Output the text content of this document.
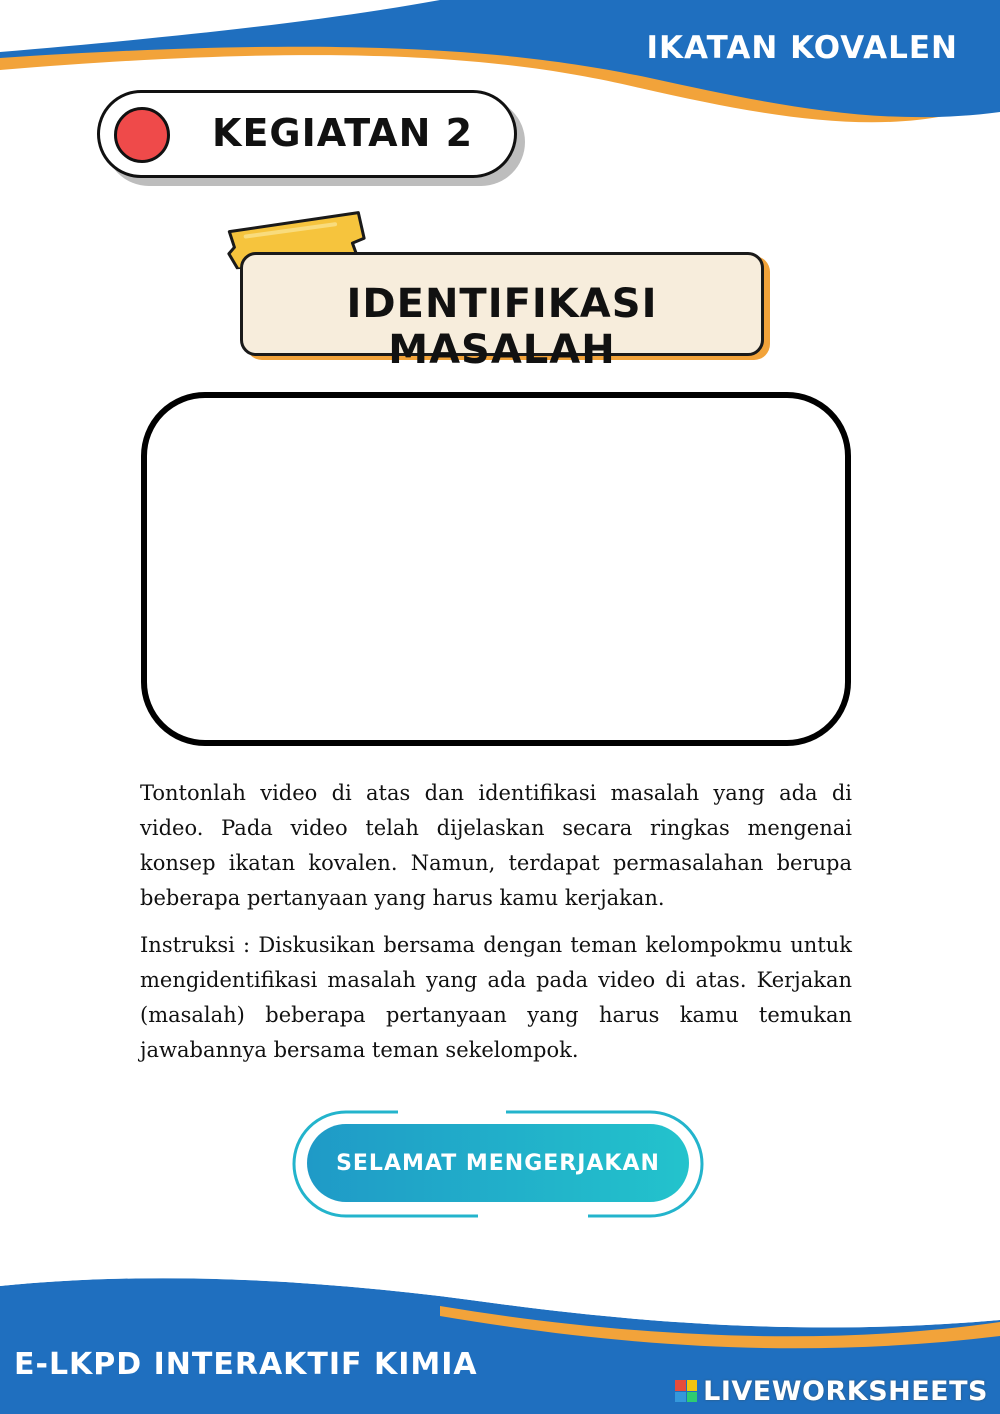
IKATAN KOVALEN
KEGIATAN 2
IDENTIFIKASI MASALAH

Tontonlah video di atas dan identifikasi masalah yang ada di video. Pada video telah dijelaskan secara ringkas mengenai konsep ikatan kovalen. Namun, terdapat permasalahan berupa beberapa pertanyaan yang harus kamu kerjakan.

Instruksi : Diskusikan bersama dengan teman kelompokmu untuk mengidentifikasi masalah yang ada pada video di atas. Kerjakan (masalah) beberapa pertanyaan yang harus kamu temukan jawabannya bersama teman sekelompok.

SELAMAT MENGERJAKAN
E-LKPD INTERAKTIF KIMIA
LIVEWORKSHEETS
